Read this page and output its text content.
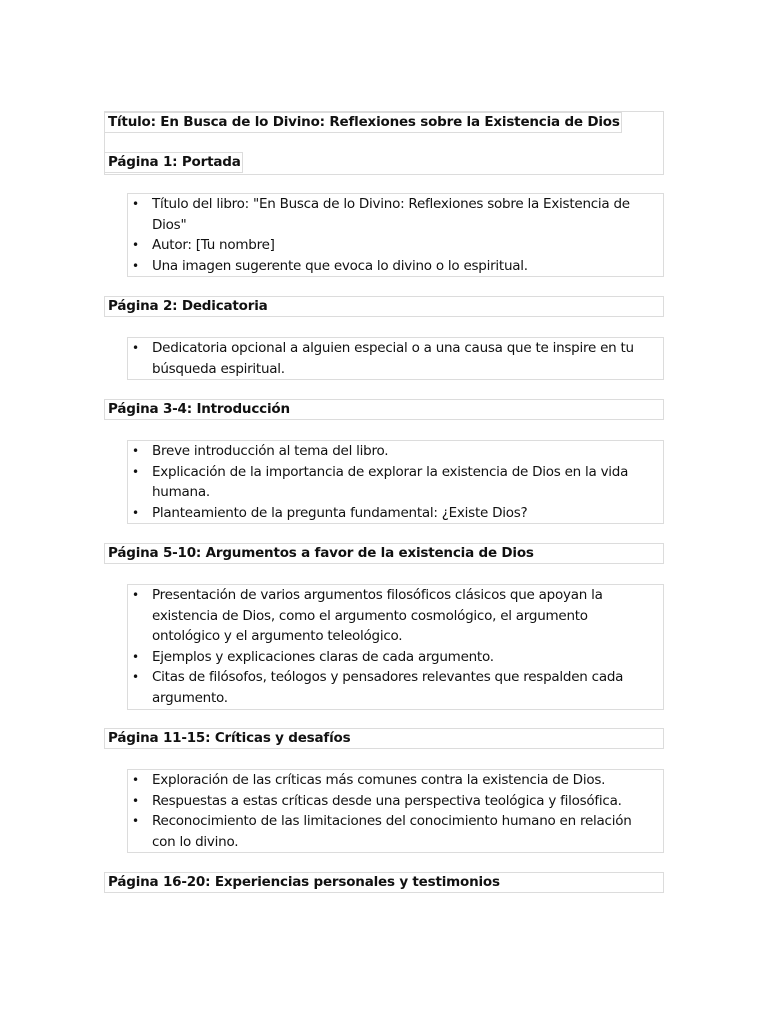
Título: En Busca de lo Divino: Reflexiones sobre la Existencia de Dios
Página 1: Portada
• Título del libro: "En Busca de lo Divino: Reflexiones sobre la Existencia de Dios"
• Autor: [Tu nombre]
• Una imagen sugerente que evoca lo divino o lo espiritual.
Página 2: Dedicatoria
• Dedicatoria opcional a alguien especial o a una causa que te inspire en tu búsqueda espiritual.
Página 3-4: Introducción
• Breve introducción al tema del libro.
• Explicación de la importancia de explorar la existencia de Dios en la vida humana.
• Planteamiento de la pregunta fundamental: ¿Existe Dios?
Página 5-10: Argumentos a favor de la existencia de Dios
• Presentación de varios argumentos filosóficos clásicos que apoyan la existencia de Dios, como el argumento cosmológico, el argumento ontológico y el argumento teleológico.
• Ejemplos y explicaciones claras de cada argumento.
• Citas de filósofos, teólogos y pensadores relevantes que respalden cada argumento.
Página 11-15: Críticas y desafíos
• Exploración de las críticas más comunes contra la existencia de Dios.
• Respuestas a estas críticas desde una perspectiva teológica y filosófica.
• Reconocimiento de las limitaciones del conocimiento humano en relación con lo divino.
Página 16-20: Experiencias personales y testimonios
